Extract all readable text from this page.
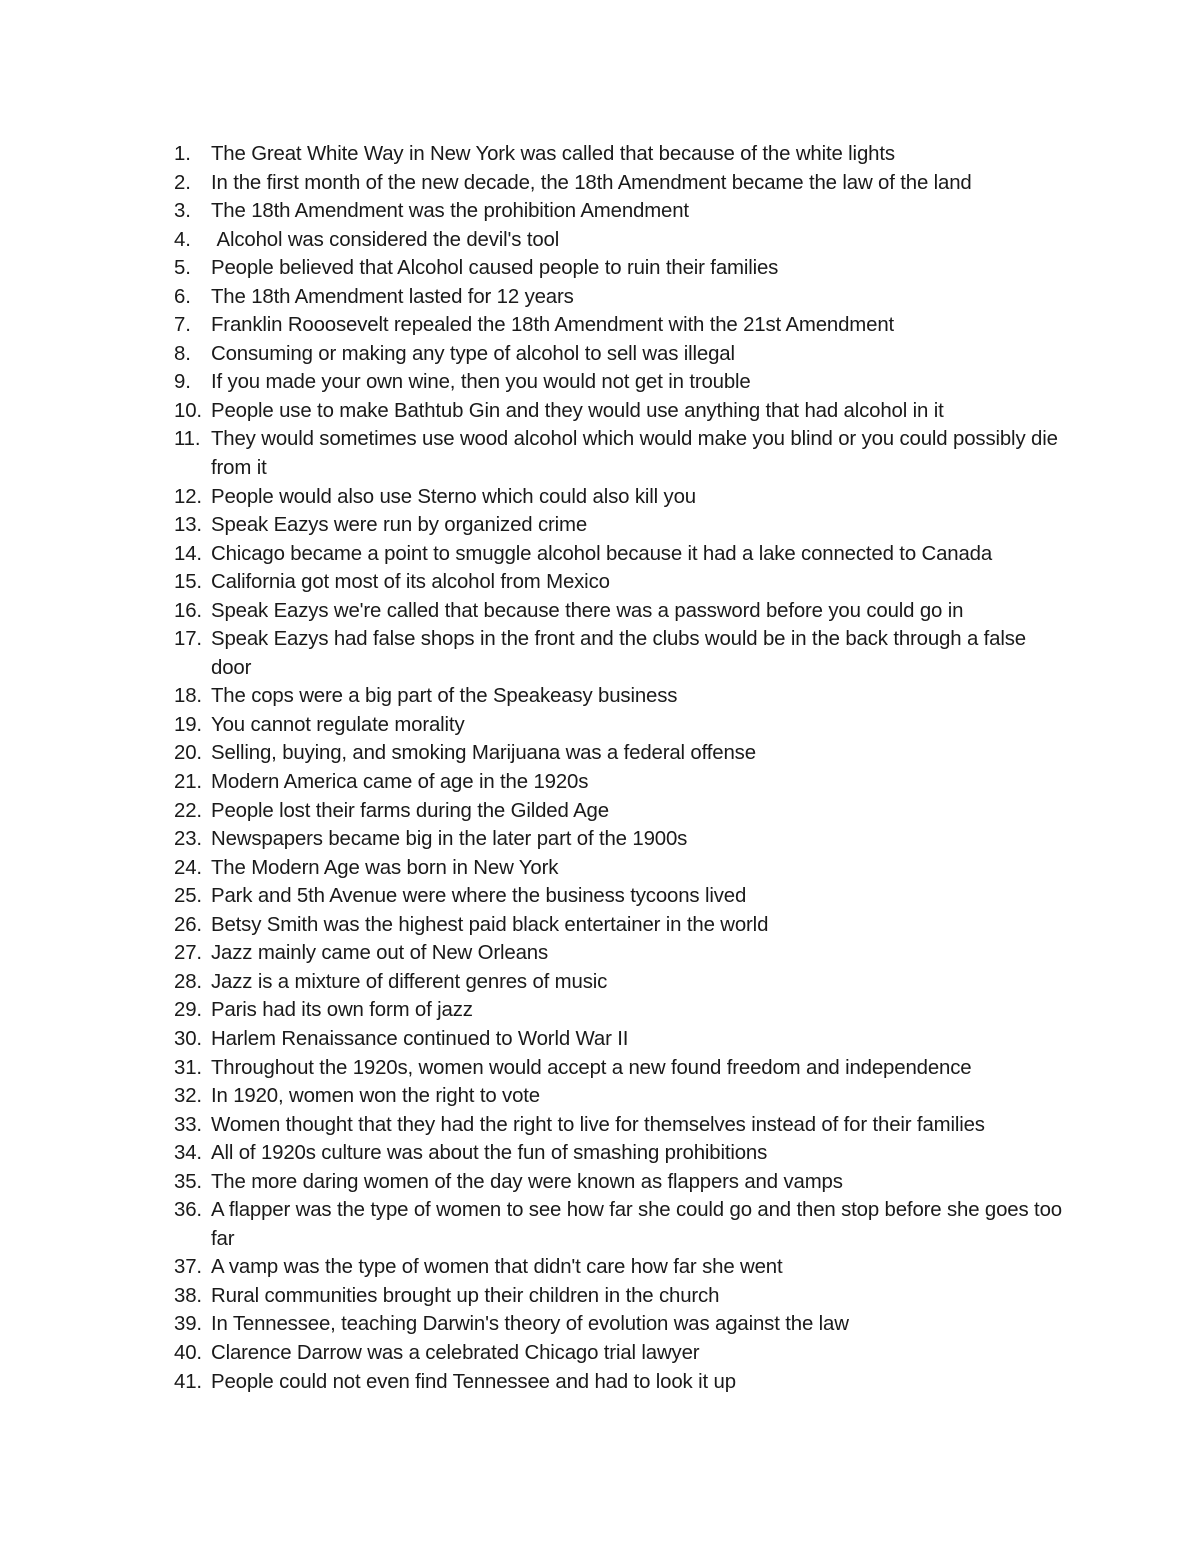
1. The Great White Way in New York was called that because of the white lights
2. In the first month of the new decade, the 18th Amendment became the law of the land
3. The 18th Amendment was the prohibition Amendment
4. Alcohol was considered the devil's tool
5. People believed that Alcohol caused people to ruin their families
6. The 18th Amendment lasted for 12 years
7. Franklin Rooosevelt repealed the 18th Amendment with the 21st Amendment
8. Consuming or making any type of alcohol to sell was illegal
9. If you made your own wine, then you would not get in trouble
10. People use to make Bathtub Gin and they would use anything that had alcohol in it
11. They would sometimes use wood alcohol which would make you blind or you could possibly die from it
12. People would also use Sterno which could also kill you
13. Speak Eazys were run by organized crime
14. Chicago became a point to smuggle alcohol because it had a lake connected to Canada
15. California got most of its alcohol from Mexico
16. Speak Eazys we're called that because there was a password before you could go in
17. Speak Eazys had false shops in the front and the clubs would be in the back through a false door
18. The cops were a big part of the Speakeasy business
19. You cannot regulate morality
20. Selling, buying, and smoking Marijuana was a federal offense
21. Modern America came of age in the 1920s
22. People lost their farms during the Gilded Age
23. Newspapers became big in the later part of the 1900s
24. The Modern Age was born in New York
25. Park and 5th Avenue were where the business tycoons lived
26. Betsy Smith was the highest paid black entertainer in the world
27. Jazz mainly came out of New Orleans
28. Jazz is a mixture of different genres of music
29. Paris had its own form of jazz
30. Harlem Renaissance continued to World War II
31. Throughout the 1920s, women would accept a new found freedom and independence
32. In 1920, women won the right to vote
33. Women thought that they had the right to live for themselves instead of for their families
34. All of 1920s culture was about the fun of smashing prohibitions
35. The more daring women of the day were known as flappers and vamps
36. A flapper was the type of women to see how far she could go and then stop before she goes too far
37. A vamp was the type of women that didn't care how far she went
38. Rural communities brought up their children in the church
39. In Tennessee, teaching Darwin's theory of evolution was against the law
40. Clarence Darrow was a celebrated Chicago trial lawyer
41. People could not even find Tennessee and had to look it up
